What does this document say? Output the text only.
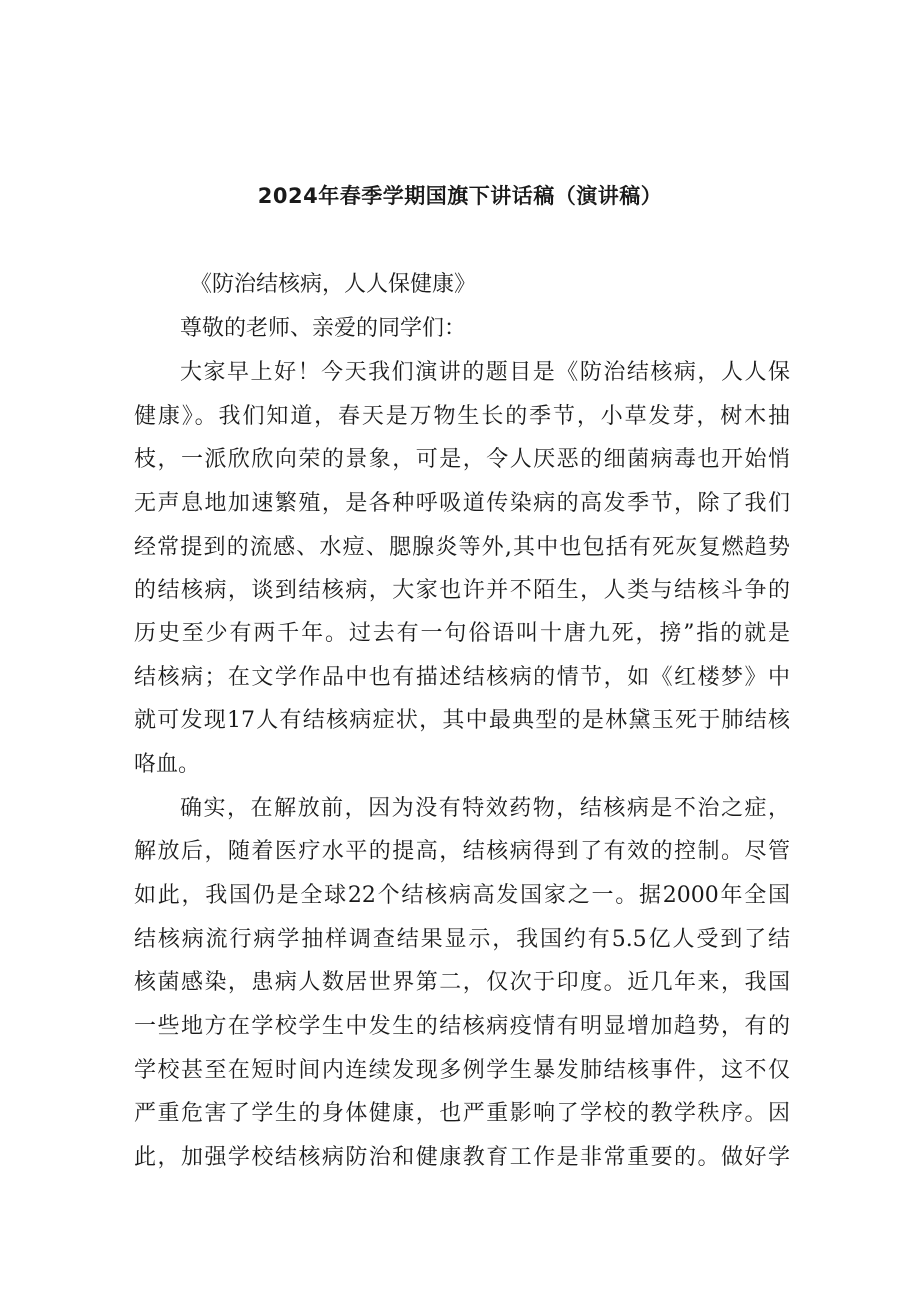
2024年春季学期国旗下讲话稿（演讲稿）
《防治结核病，人人保健康》
尊敬的老师、亲爱的同学们：
大家早上好！今天我们演讲的题目是《防治结核病，人人保
健康》。我们知道，春天是万物生长的季节，小草发芽，树木抽
枝，一派欣欣向荣的景象，可是，令人厌恶的细菌病毒也开始悄
无声息地加速繁殖，是各种呼吸道传染病的高发季节，除了我们
经常提到的流感、水痘、腮腺炎等外,其中也包括有死灰复燃趋势
的结核病，谈到结核病，大家也许并不陌生，人类与结核斗争的
历史至少有两千年。过去有一句俗语叫十唐九死，搒”指的就是
结核病；在文学作品中也有描述结核病的情节，如《红楼梦》中
就可发现17人有结核病症状，其中最典型的是林黛玉死于肺结核
咯血。
确实，在解放前，因为没有特效药物，结核病是不治之症，
解放后，随着医疗水平的提高，结核病得到了有效的控制。尽管
如此，我国仍是全球22个结核病高发国家之一。据2000年全国
结核病流行病学抽样调查结果显示，我国约有5.5亿人受到了结
核菌感染，患病人数居世界第二，仅次于印度。近几年来，我国
一些地方在学校学生中发生的结核病疫情有明显增加趋势，有的
学校甚至在短时间内连续发现多例学生暴发肺结核事件，这不仅
严重危害了学生的身体健康，也严重影响了学校的教学秩序。因
此，加强学校结核病防治和健康教育工作是非常重要的。做好学
